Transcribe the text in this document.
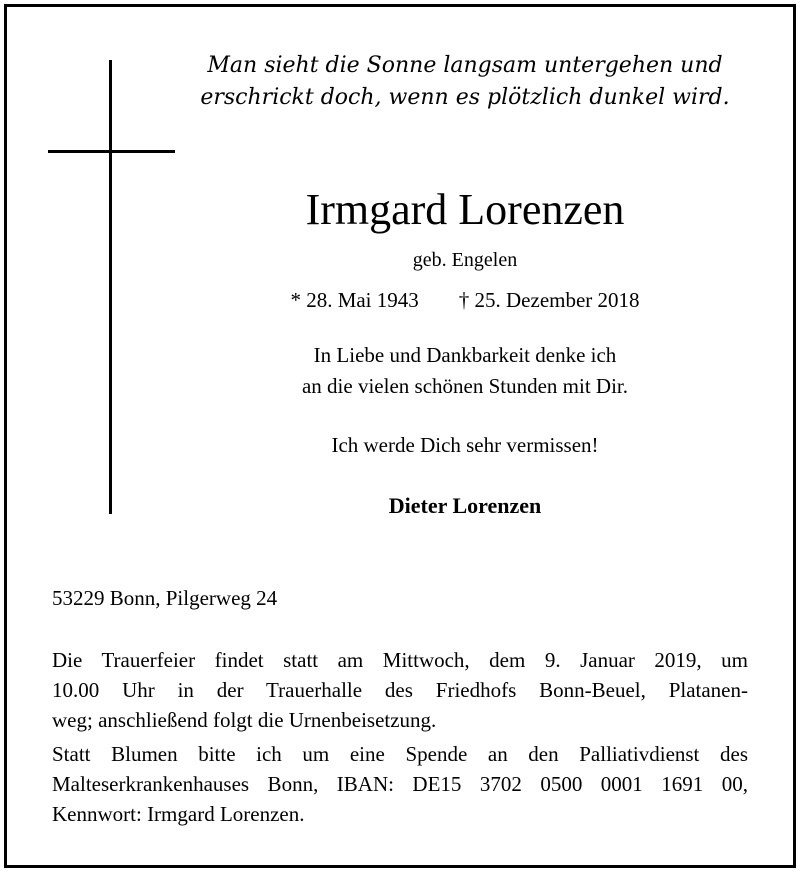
Man sieht die Sonne langsam untergehen und
erschrickt doch, wenn es plötzlich dunkel wird.
Irmgard Lorenzen
geb. Engelen
* 28. Mai 1943 † 25. Dezember 2018
In Liebe und Dankbarkeit denke ich
an die vielen schönen Stunden mit Dir.
Ich werde Dich sehr vermissen!
Dieter Lorenzen
53229 Bonn, Pilgerweg 24
Die Trauerfeier findet statt am Mittwoch, dem 9. Januar 2019, um
10.00 Uhr in der Trauerhalle des Friedhofs Bonn-Beuel, Platanen-
weg; anschließend folgt die Urnenbeisetzung.
Statt Blumen bitte ich um eine Spende an den Palliativdienst des
Malteserkrankenhauses Bonn, IBAN: DE15 3702 0500 0001 1691 00,
Kennwort: Irmgard Lorenzen.
